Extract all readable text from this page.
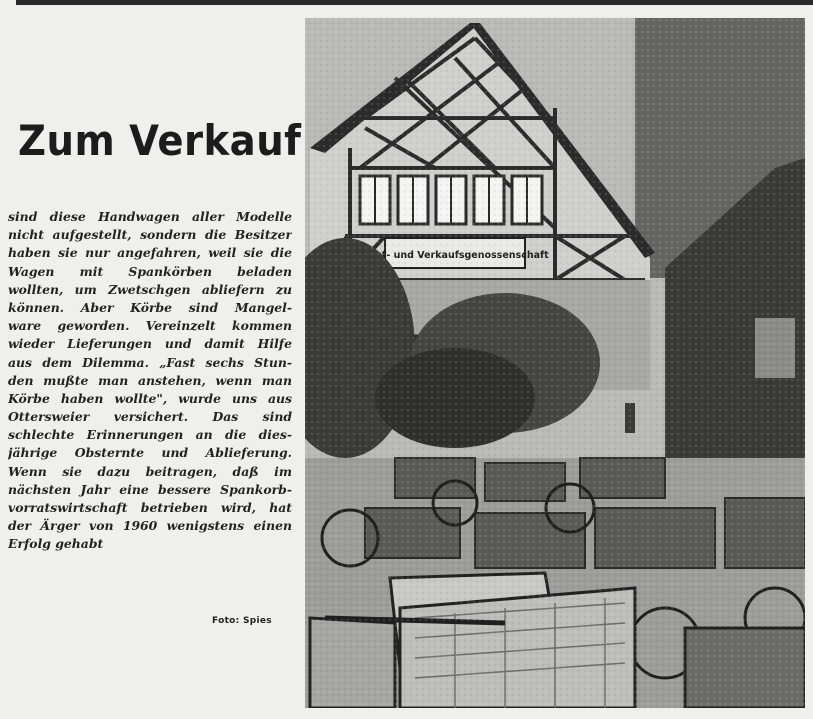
Zum Verkauf
sind diese Handwagen aller Modelle
nicht aufgestellt, sondern die Besitzer
haben sie nur angefahren, weil sie die
Wagen mit Spankörben beladen
wollten, um Zwetschgen abliefern zu
können. Aber Körbe sind Mangel-
ware geworden. Vereinzelt kommen
wieder Lieferungen und damit Hilfe
aus dem Dilemma. „Fast sechs Stun-
den mußte man anstehen, wenn man
Körbe haben wollte", wurde uns aus
Ottersweier versichert. Das sind
schlechte Erinnerungen an die dies-
jährige Obsternte und Ablieferung.
Wenn sie dazu beitragen, daß im
nächsten Jahr eine bessere Spankorb-
vorratswirtschaft betrieben wird, hat
der Ärger von 1960 wenigstens einen
Erfolg gehabt
Foto: Spies
